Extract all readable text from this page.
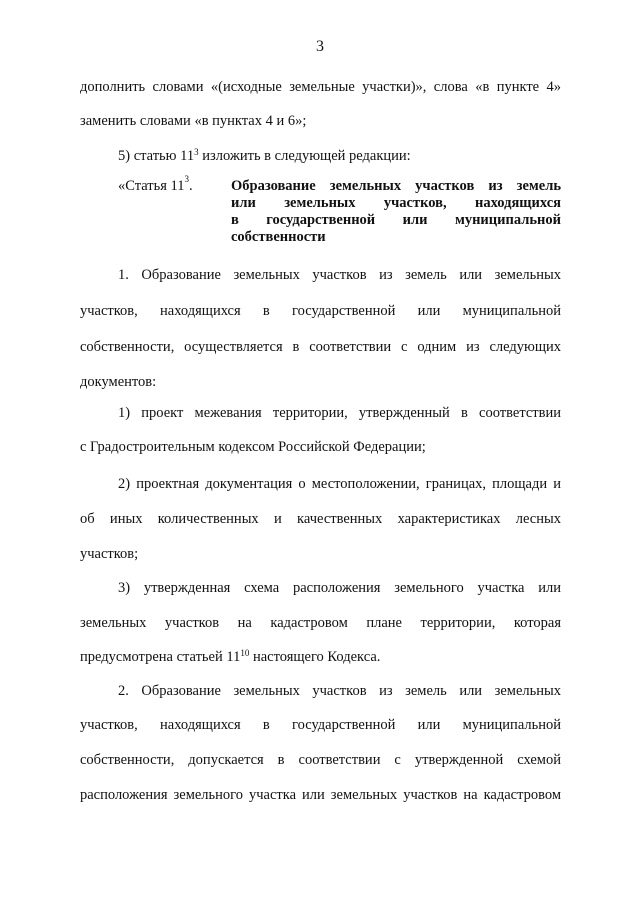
3
дополнить словами «(исходные земельные участки)», слова «в пункте 4»
заменить словами «в пунктах 4 и 6»;
5) статью $11^3$ изложить в следующей редакции:
«Статья $11^3$.	Образование земельных участков из земель
или земельных участков, находящихся
в государственной или муниципальной
собственности
1. Образование земельных участков из земель или земельных
участков, находящихся в государственной или муниципальной
собственности, осуществляется в соответствии с одним из следующих
документов:
1) проект межевания территории, утвержденный в соответствии
с Градостроительным кодексом Российской Федерации;
2) проектная документация о местоположении, границах, площади и
об иных количественных и качественных характеристиках лесных
участков;
3) утвержденная схема расположения земельного участка или
земельных участков на кадастровом плане территории, которая
предусмотрена статьей $11^{10}$ настоящего Кодекса.
2. Образование земельных участков из земель или земельных
участков, находящихся в государственной или муниципальной
собственности, допускается в соответствии с утвержденной схемой
расположения земельного участка или земельных участков на кадастровом
